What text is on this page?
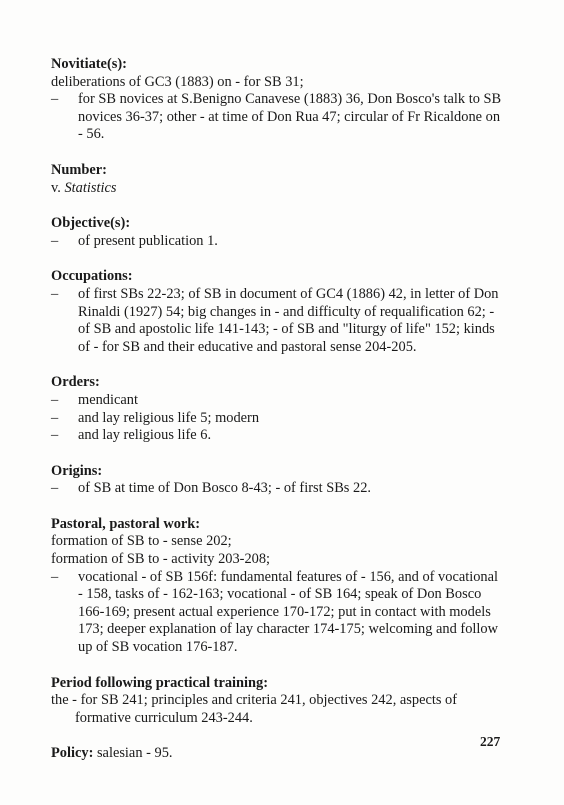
Novitiate(s):
deliberations of GC3 (1883) on - for SB 31;
– for SB novices at S.Benigno Canavese (1883) 36, Don Bosco's talk to SB novices 36-37; other - at time of Don Rua 47; circular of Fr Ricaldone on - 56.
Number:
v. Statistics
Objective(s):
– of present publication 1.
Occupations:
– of first SBs 22-23; of SB in document of GC4 (1886) 42, in letter of Don Rinaldi (1927) 54; big changes in - and difficulty of requalification 62; - of SB and apostolic life 141-143; - of SB and "liturgy of life" 152; kinds of - for SB and their educative and pastoral sense 204-205.
Orders:
– mendicant
– and lay religious life 5; modern
– and lay religious life 6.
Origins:
– of SB at time of Don Bosco 8-43; - of first SBs 22.
Pastoral, pastoral work:
formation of SB to - sense 202;
formation of SB to - activity 203-208;
– vocational - of SB 156f: fundamental features of - 156, and of vocational - 158, tasks of - 162-163; vocational - of SB 164; speak of Don Bosco 166-169; present actual experience 170-172; put in contact with models 173; deeper explanation of lay character 174-175; welcoming and follow up of SB vocation 176-187.
Period following practical training:
the - for SB 241; principles and criteria 241, objectives 242, aspects of formative curriculum 243-244.
Policy: salesian - 95.
227
